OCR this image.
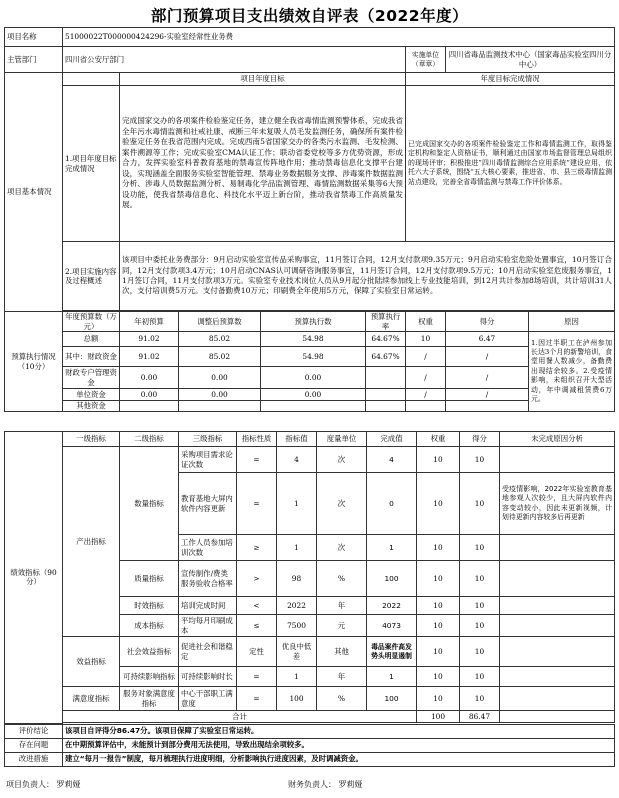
部门预算项目支出绩效自评表（2022年度）
项目名称	51000022T000000424296-实验室经常性业务费							
主管部门	四川省公安厅部门					实施单位（章章）	四川省毒品监测技术中心（国家毒品实验室四川分中心）	
项目基本情况		项目年度目标				年度目标完成情况		
	1.项目年度目标完成情况	完成国家交办的各项案件检验鉴定任务，建立健全我省毒情监测预警体系，完成我省全年污水毒情监测和社戒社康、戒断三年未复吸人员毛发监测任务，确保所有案件检验鉴定任务在我省范围内完成。完成西南5省国家交办的各类污水监测、毛发检测、案件溯源等工作；完成实验室CMA认证工作；联动省委党校等多方优势资源，形成合力，发挥实验室科普教育基地的禁毒宣传阵地作用；推动禁毒信息化支撑平台建设，实现涵盖全面服务实验室智能管理、禁毒业务数据服务支撑、涉毒案件数据监测分析、涉毒人员数据监测分析、易制毒化学品监测管理、毒情监测数据采集等6大预设功能，使我省禁毒信息化、科技化水平迈上新台阶，推动我省禁毒工作高质量发展。				已完成国家交办的各项案件检验鉴定工作和毒情监测工作，取得鉴定机构和鉴定人资格证书，顺利通过由国家市场监督管理总局组织的现场评审；积极推进“四川毒情监测综合应用系统”建设应用，依托六大子系统，围绕“五大核心要素，推进省、市、县三级毒情监测站点建设，完善全省毒情监测与禁毒工作评价体系。		
	2.项目实施内容及过程概述	该项目中委托业务费部分：9月启动实验室宣传品采购事宜，11月签订合同，12月支付款项9.35万元；9月启动实验室危险处置事宜，10月签订合同，12月支付款项3.4万元；10月启动CNAS认可调研咨询服务事宜，11月签订合同，12月支付款项9.5万元；10月启动实验室危废服务事宜，11月签订合同，11月支付款项3万元。实验室专业技术岗位人员从9月起分批陆续参加线上专业技能培训，到12月共计参加8场培训，共计培训31人次，支付培训费5万元。支付备勤费10万元；印刷费全年使用5万元，保障了实验室日常运转。						

预算执行情况（10分）	年度预算数（万元）	年初预算	调整后预算数	预算执行数	预算执行率	权重	得分	原因
	总额	91.02	85.02	54.98	64.67%	10	6.47	1.因过半职工在泸州参加长达3个月的新警培训，食堂用餐人数减少，备勤费出现结余较多。2.受疫情影响，未组织召开大型活动，年中调减租赁费6万元。
	其中：财政资金	91.02	85.02	54.98	64.67%	/	/	
	财政专户管理资金	0.00	0.00	0.00		/	/	
	单位资金	0.00	0.00	0.00		/	/	
	其他资金							
绩效指标（90分）	一级指标	二级指标	三级指标	指标性质	指标值	度量单位	完成值	权重	得分	未完成原因分析
	产出指标	数量指标	采购项目需求论证次数	=	4	次	4	10	10	
			教育基地大屏内软件内容更新	=	1	次	0	10	10	受疫情影响，2022年实验室教育基地参观人次较少，且大屏内软件内容变动较小，因此未更新视频，计划待更新内容较多后再更新
			工作人员参加培训次数	≥	1	次	1	10	10	
		质量指标	宣传制作/费类服务验收合格率	>	98	%	100	10	10	
		时效指标	培训完成时间	<	2022	年	2022	10	10	
		成本指标	平均每月印刷成本	≤	7500	元	4073	10	10	
	效益指标	社会效益指标	促进社会和谐稳定	定性	优良中低差	其他	毒品案件高发势头明显遏制	10	10	
		可持续影响指标	可持续影响时长	=	1	年	1	10	10	
	满意度指标	服务对象满意度指标	中心干部职工满意度	=	100	%	100	10	10	
	合计							100	86.47	

评价结论	该项目自评得分86.47分。该项目保障了实验室日常运转。									
存在问题	在中期预算评估中，未能预计到部分费用无法使用，导致出现结余项较多。									
改进措施	建立“每月一报告”制度，每月梳理执行进度明细，分析影响执行进度因素，及时调减资金。									
项目负责人： 罗莉娅	财务负责人： 罗莉娅
